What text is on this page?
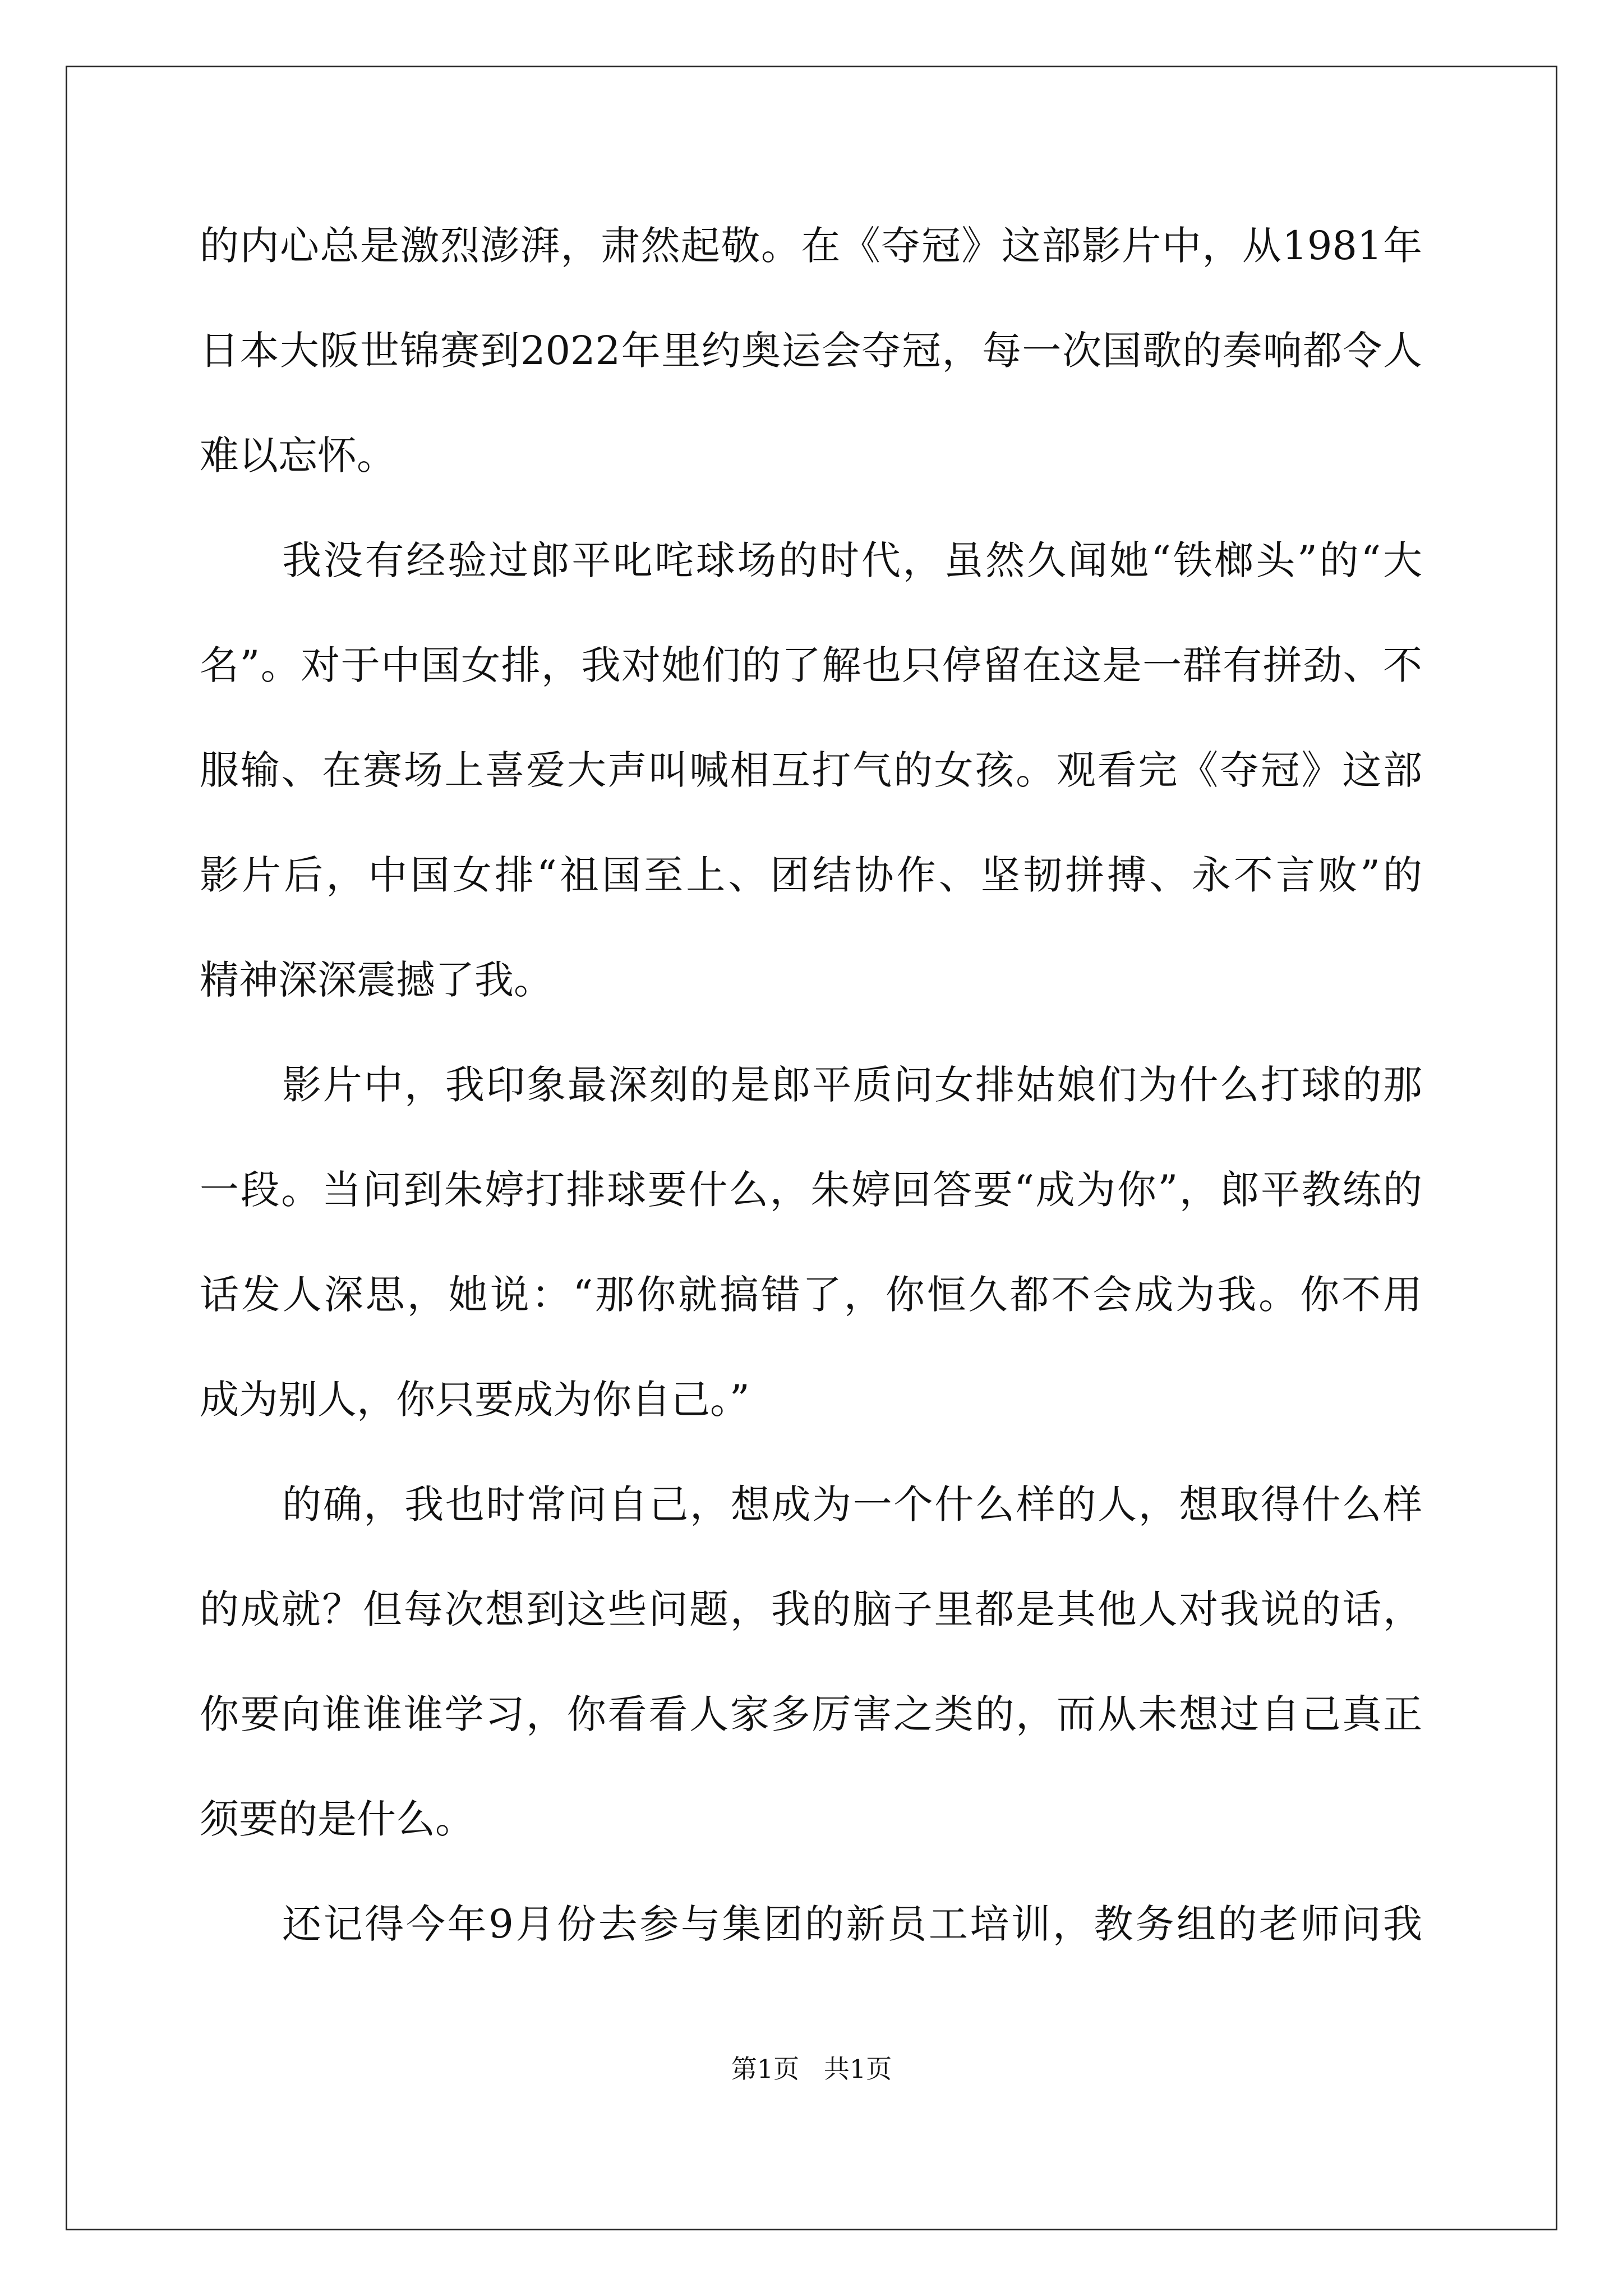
的内心总是激烈澎湃，肃然起敬。在《夺冠》这部影片中，从1981年
日本大阪世锦赛到2022年里约奥运会夺冠，每一次国歌的奏响都令人
难以忘怀。
我没有经验过郎平叱咤球场的时代，虽然久闻她“铁榔头”的“大
名”。对于中国女排，我对她们的了解也只停留在这是一群有拼劲、不
服输、在赛场上喜爱大声叫喊相互打气的女孩。观看完《夺冠》这部
影片后，中国女排“祖国至上、团结协作、坚韧拼搏、永不言败”的
精神深深震撼了我。
影片中，我印象最深刻的是郎平质问女排姑娘们为什么打球的那
一段。当问到朱婷打排球要什么，朱婷回答要“成为你”，郎平教练的
话发人深思，她说：“那你就搞错了，你恒久都不会成为我。你不用
成为别人，你只要成为你自己。”
的确，我也时常问自己，想成为一个什么样的人，想取得什么样
的成就？但每次想到这些问题，我的脑子里都是其他人对我说的话，
你要向谁谁谁学习，你看看人家多厉害之类的，而从未想过自己真正
须要的是什么。
还记得今年9月份去参与集团的新员工培训，教务组的老师问我
第1页   共1页
